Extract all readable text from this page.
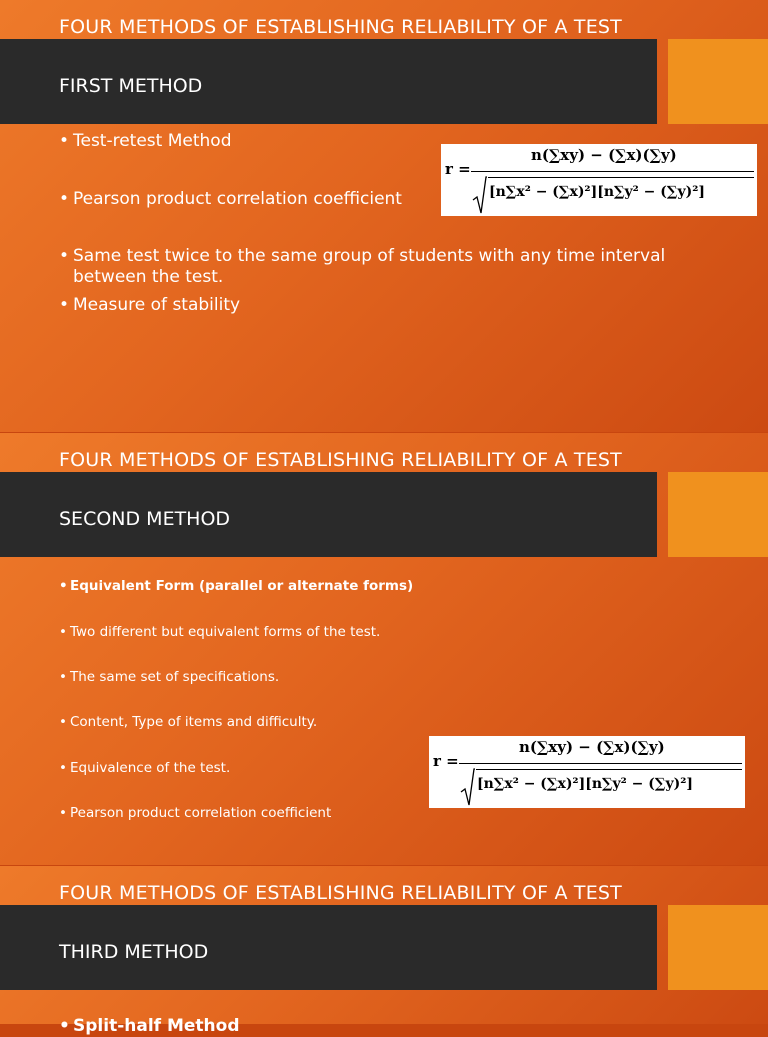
FOUR METHODS OF ESTABLISHING RELIABILITY OF A TEST
FIRST METHOD
• Test-retest Method
• Pearson product correlation coefficient
• Same test twice to the same group of students with any time interval between the test.
• Measure of stability
r =
n(∑xy) − (∑x)(∑y)
[n∑x² − (∑x)²][n∑y² − (∑y)²]
FOUR METHODS OF ESTABLISHING RELIABILITY OF A TEST
SECOND METHOD
• Equivalent Form (parallel or alternate forms)
• Two different but equivalent forms of the test.
• The same set of specifications.
• Content, Type of items and difficulty.
• Equivalence of the test.
• Pearson product correlation coefficient
r =
n(∑xy) − (∑x)(∑y)
[n∑x² − (∑x)²][n∑y² − (∑y)²]
FOUR METHODS OF ESTABLISHING RELIABILITY OF A TEST
THIRD METHOD
• Split-half Method
